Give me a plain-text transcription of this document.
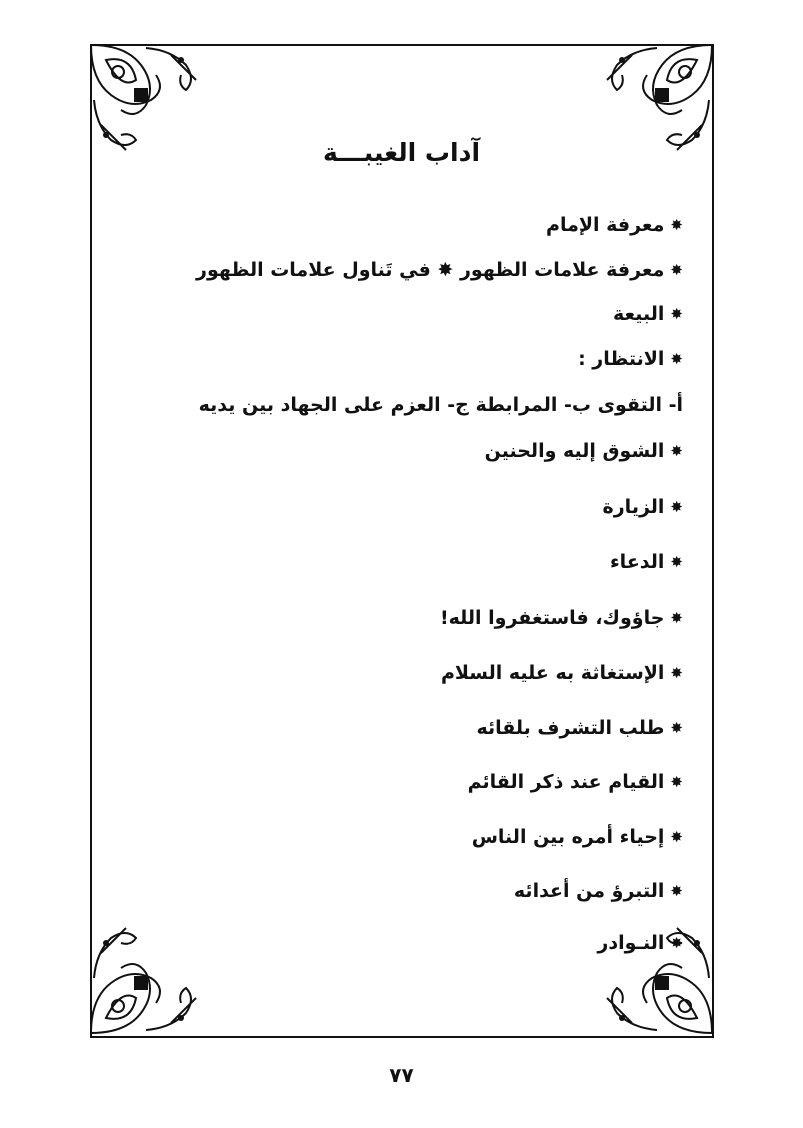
آداب الغيبـــة
✸معرفة الإمام
✸معرفة علامات الظهور ✸ في تَناول علامات الظهور
✸البيعة
✸الانتظار :
أ- التقوى ب- المرابطة ج- العزم على الجهاد بين يديه
✸الشوق إليه والحنين
✸الزيارة
✸الدعاء
✸جاؤوك، فاستغفروا الله!
✸الإستغاثة به عليه السلام
✸طلب التشرف بلقائه
✸القيام عند ذكر القائم
✸إحياء أمره بين الناس
✸التبرؤ من أعدائه
✸النـوادر
٧٧
